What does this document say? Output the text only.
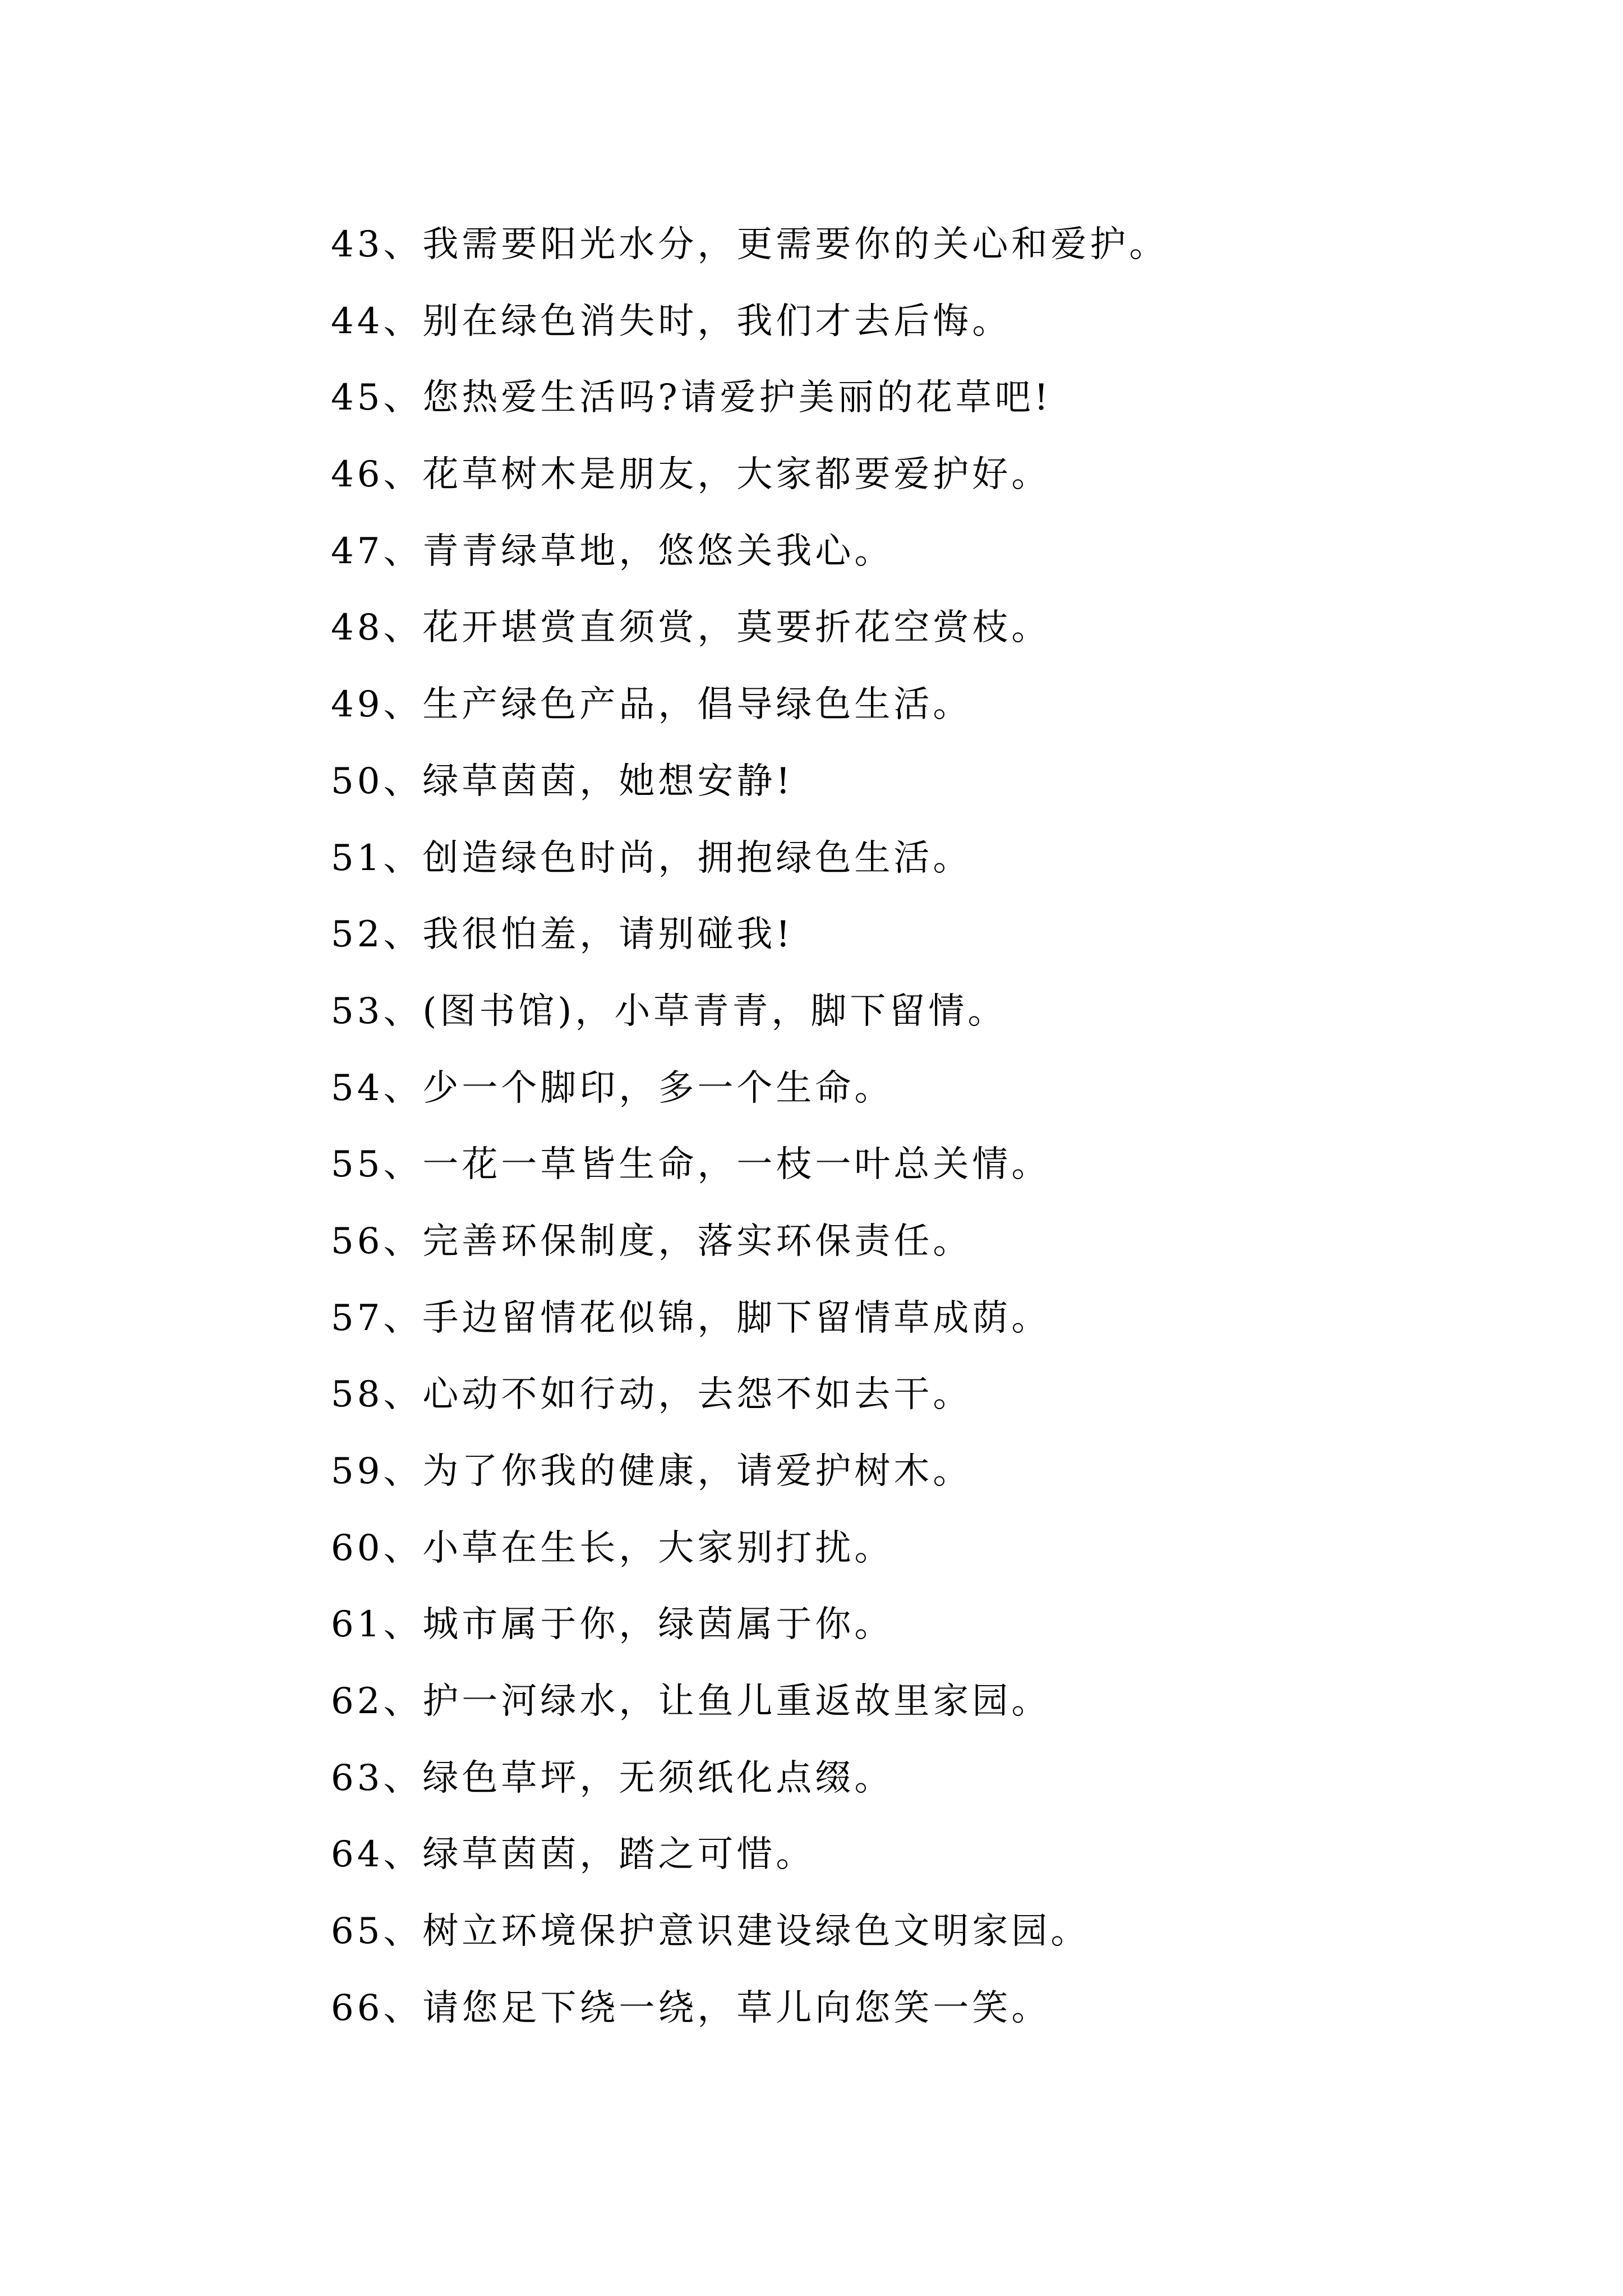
43、我需要阳光水分，更需要你的关心和爱护。
44、别在绿色消失时，我们才去后悔。
45、您热爱生活吗?请爱护美丽的花草吧!
46、花草树木是朋友，大家都要爱护好。
47、青青绿草地，悠悠关我心。
48、花开堪赏直须赏，莫要折花空赏枝。
49、生产绿色产品，倡导绿色生活。
50、绿草茵茵，她想安静!
51、创造绿色时尚，拥抱绿色生活。
52、我很怕羞，请别碰我!
53、(图书馆)，小草青青，脚下留情。
54、少一个脚印，多一个生命。
55、一花一草皆生命，一枝一叶总关情。
56、完善环保制度，落实环保责任。
57、手边留情花似锦，脚下留情草成荫。
58、心动不如行动，去怨不如去干。
59、为了你我的健康，请爱护树木。
60、小草在生长，大家别打扰。
61、城市属于你，绿茵属于你。
62、护一河绿水，让鱼儿重返故里家园。
63、绿色草坪，无须纸化点缀。
64、绿草茵茵，踏之可惜。
65、树立环境保护意识建设绿色文明家园。
66、请您足下绕一绕，草儿向您笑一笑。
